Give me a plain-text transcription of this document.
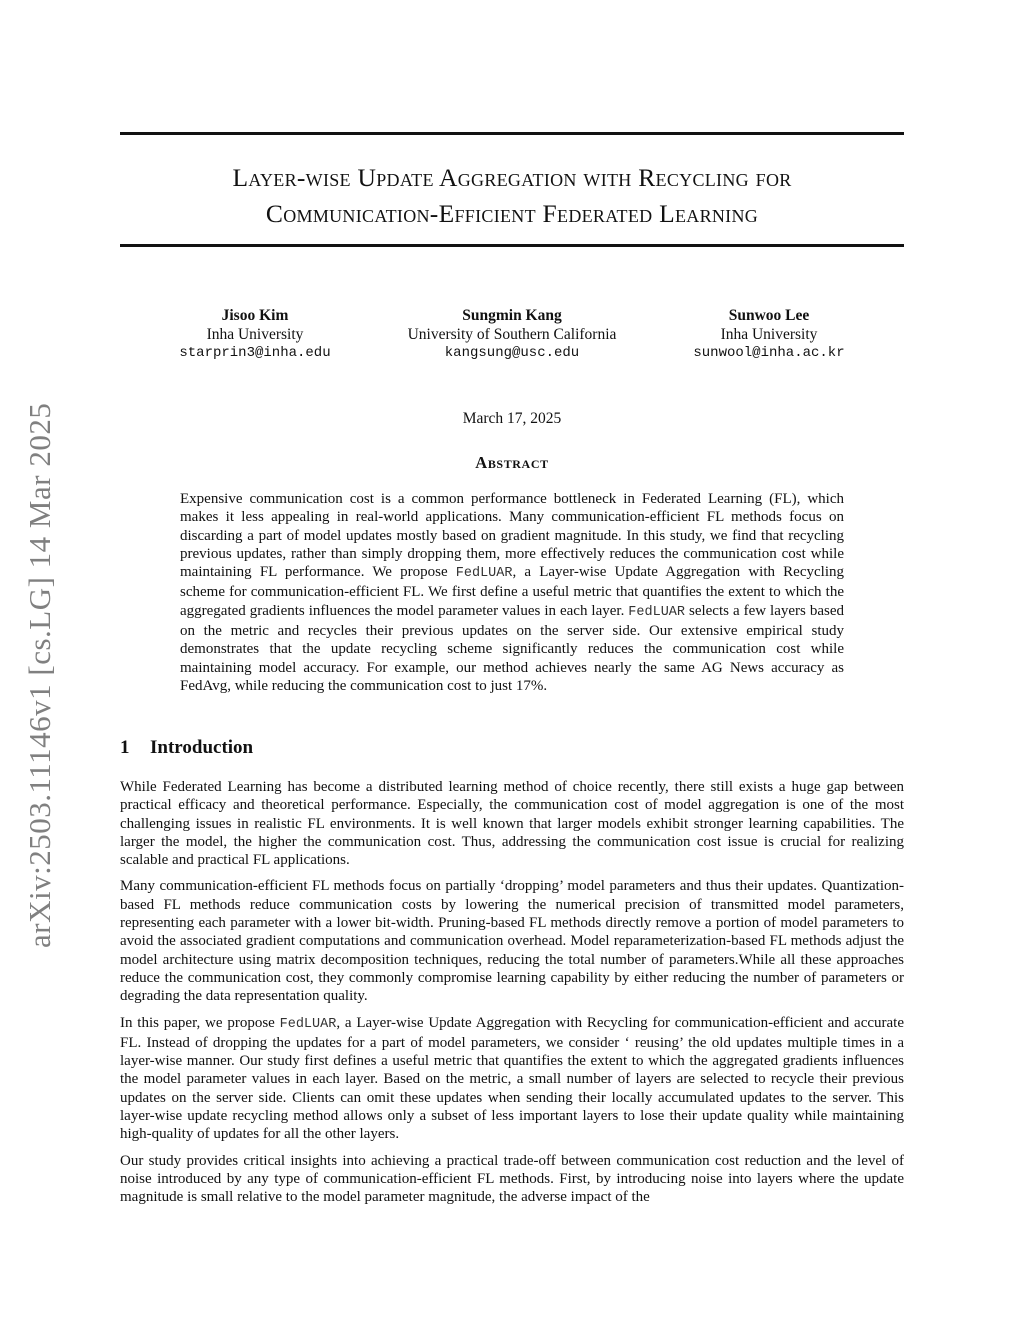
Layer-wise Update Aggregation with Recycling for
Communication-Efficient Federated Learning
arXiv:2503.11146v1 [cs.LG] 14 Mar 2025
Jisoo Kim
Inha University
starprin3@inha.edu
Sungmin Kang
University of Southern California
kangsung@usc.edu
Sunwoo Lee
Inha University
sunwool@inha.ac.kr
March 17, 2025
Abstract
Expensive communication cost is a common performance bottleneck in Federated Learning (FL), which makes it less appealing in real-world applications. Many communication-efficient FL methods focus on discarding a part of model updates mostly based on gradient magnitude. In this study, we find that recycling previous updates, rather than simply dropping them, more effectively reduces the communication cost while maintaining FL performance. We propose FedLUAR, a Layer-wise Update Aggregation with Recycling scheme for communication-efficient FL. We first define a useful metric that quantifies the extent to which the aggregated gradients influences the model parameter values in each layer. FedLUAR selects a few layers based on the metric and recycles their previous updates on the server side. Our extensive empirical study demonstrates that the update recycling scheme significantly reduces the communication cost while maintaining model accuracy. For example, our method achieves nearly the same AG News accuracy as FedAvg, while reducing the communication cost to just 17%.
1 Introduction

While Federated Learning has become a distributed learning method of choice recently, there still exists a huge gap between practical efficacy and theoretical performance. Especially, the communication cost of model aggregation is one of the most challenging issues in realistic FL environments. It is well known that larger models exhibit stronger learning capabilities. The larger the model, the higher the communication cost. Thus, addressing the communication cost issue is crucial for realizing scalable and practical FL applications.

Many communication-efficient FL methods focus on partially ‘dropping’ model parameters and thus their updates. Quantization-based FL methods reduce communication costs by lowering the numerical precision of transmitted model parameters, representing each parameter with a lower bit-width. Pruning-based FL methods directly remove a portion of model parameters to avoid the associated gradient computations and communication overhead. Model reparameterization-based FL methods adjust the model architecture using matrix decomposition techniques, reducing the total number of parameters.While all these approaches reduce the communication cost, they commonly compromise learning capability by either reducing the number of parameters or degrading the data representation quality.

In this paper, we propose FedLUAR, a Layer-wise Update Aggregation with Recycling for communication-efficient and accurate FL. Instead of dropping the updates for a part of model parameters, we consider ‘ reusing’ the old updates multiple times in a layer-wise manner. Our study first defines a useful metric that quantifies the extent to which the aggregated gradients influences the model parameter values in each layer. Based on the metric, a small number of layers are selected to recycle their previous updates on the server side. Clients can omit these updates when sending their locally accumulated updates to the server. This layer-wise update recycling method allows only a subset of less important layers to lose their update quality while maintaining high-quality of updates for all the other layers.

Our study provides critical insights into achieving a practical trade-off between communication cost reduction and the level of noise introduced by any type of communication-efficient FL methods. First, by introducing noise into layers where the update magnitude is small relative to the model parameter magnitude, the adverse impact of the
